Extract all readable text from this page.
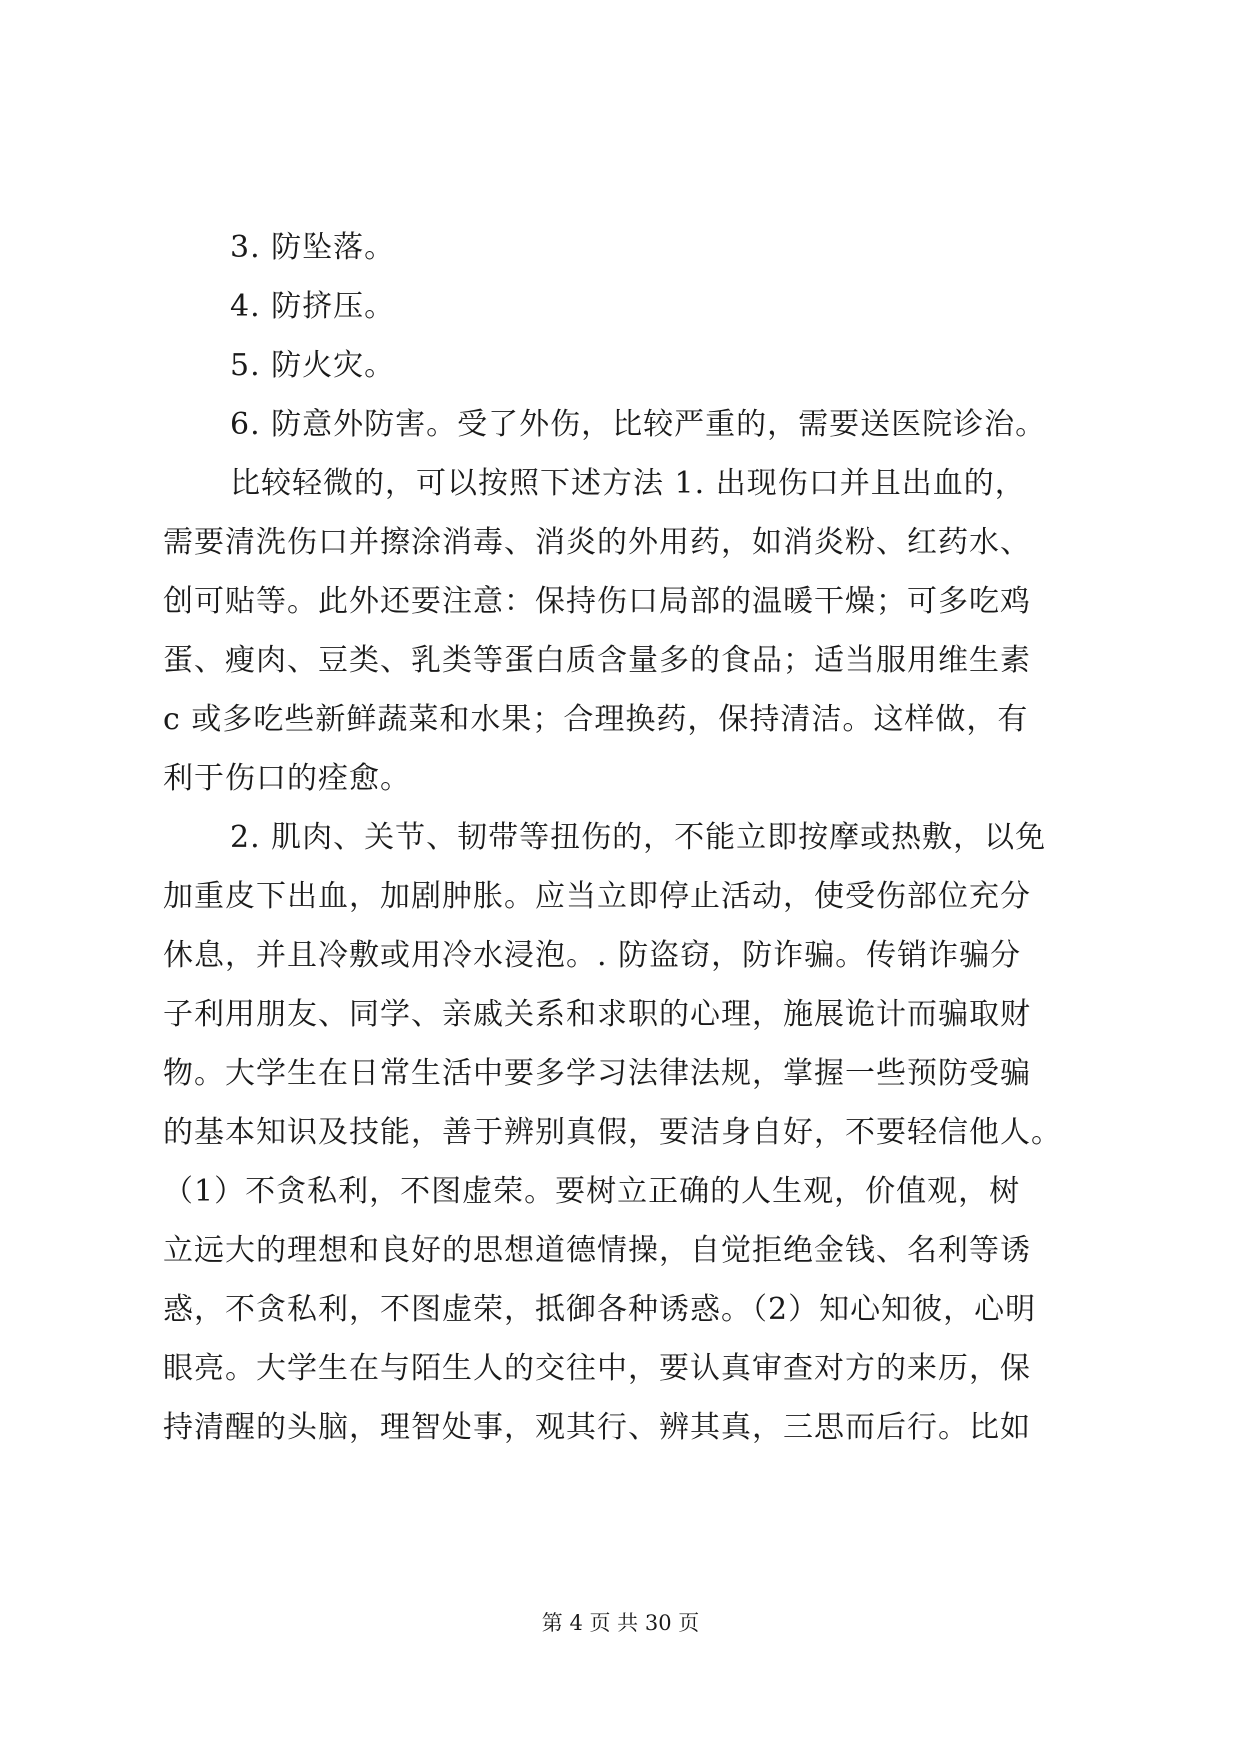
3. 防坠落。
4. 防挤压。
5. 防火灾。
6. 防意外防害。受了外伤，比较严重的，需要送医院诊治。
比较轻微的，可以按照下述方法 1. 出现伤口并且出血的，
需要清洗伤口并擦涂消毒、消炎的外用药，如消炎粉、红药水、
创可贴等。此外还要注意：保持伤口局部的温暖干燥；可多吃鸡
蛋、瘦肉、豆类、乳类等蛋白质含量多的食品；适当服用维生素
c 或多吃些新鲜蔬菜和水果；合理换药，保持清洁。这样做，有
利于伤口的痊愈。
2. 肌肉、关节、韧带等扭伤的，不能立即按摩或热敷，以免
加重皮下出血，加剧肿胀。应当立即停止活动，使受伤部位充分
休息，并且冷敷或用冷水浸泡。. 防盗窃，防诈骗。传销诈骗分
子利用朋友、同学、亲戚关系和求职的心理，施展诡计而骗取财
物。大学生在日常生活中要多学习法律法规，掌握一些预防受骗
的基本知识及技能，善于辨别真假，要洁身自好，不要轻信他人。
（1）不贪私利，不图虚荣。要树立正确的人生观，价值观，树
立远大的理想和良好的思想道德情操，自觉拒绝金钱、名利等诱
惑，不贪私利，不图虚荣，抵御各种诱惑。（2）知心知彼，心明
眼亮。大学生在与陌生人的交往中，要认真审查对方的来历，保
持清醒的头脑，理智处事，观其行、辨其真，三思而后行。比如
第 4 页 共 30 页
